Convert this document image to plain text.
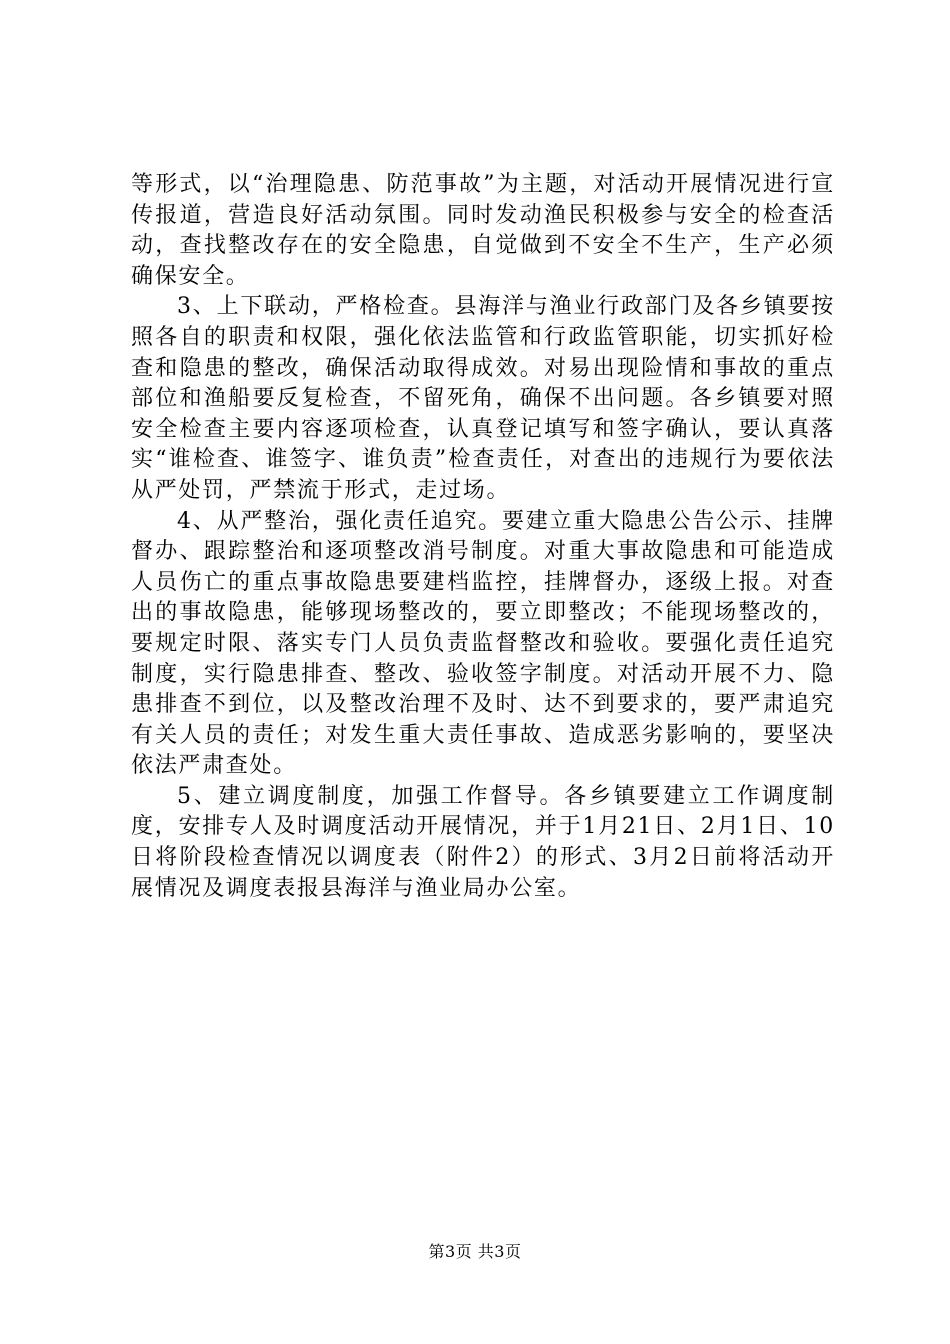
等形式，以“治理隐患、防范事故”为主题，对活动开展情况进行宣传报道，营造良好活动氛围。同时发动渔民积极参与安全的检查活动，查找整改存在的安全隐患，自觉做到不安全不生产，生产必须确保安全。

3、上下联动，严格检查。县海洋与渔业行政部门及各乡镇要按照各自的职责和权限，强化依法监管和行政监管职能，切实抓好检查和隐患的整改，确保活动取得成效。对易出现险情和事故的重点部位和渔船要反复检查，不留死角，确保不出问题。各乡镇要对照安全检查主要内容逐项检查，认真登记填写和签字确认，要认真落实“谁检查、谁签字、谁负责”检查责任，对查出的违规行为要依法从严处罚，严禁流于形式，走过场。

4、从严整治，强化责任追究。要建立重大隐患公告公示、挂牌督办、跟踪整治和逐项整改消号制度。对重大事故隐患和可能造成人员伤亡的重点事故隐患要建档监控，挂牌督办，逐级上报。对查出的事故隐患，能够现场整改的，要立即整改；不能现场整改的，要规定时限、落实专门人员负责监督整改和验收。要强化责任追究制度，实行隐患排查、整改、验收签字制度。对活动开展不力、隐患排查不到位，以及整改治理不及时、达不到要求的，要严肃追究有关人员的责任；对发生重大责任事故、造成恶劣影响的，要坚决依法严肃查处。

5、建立调度制度，加强工作督导。各乡镇要建立工作调度制度，安排专人及时调度活动开展情况，并于1月21日、2月1日、10日将阶段检查情况以调度表（附件2）的形式、3月2日前将活动开展情况及调度表报县海洋与渔业局办公室。

第3页 共3页
